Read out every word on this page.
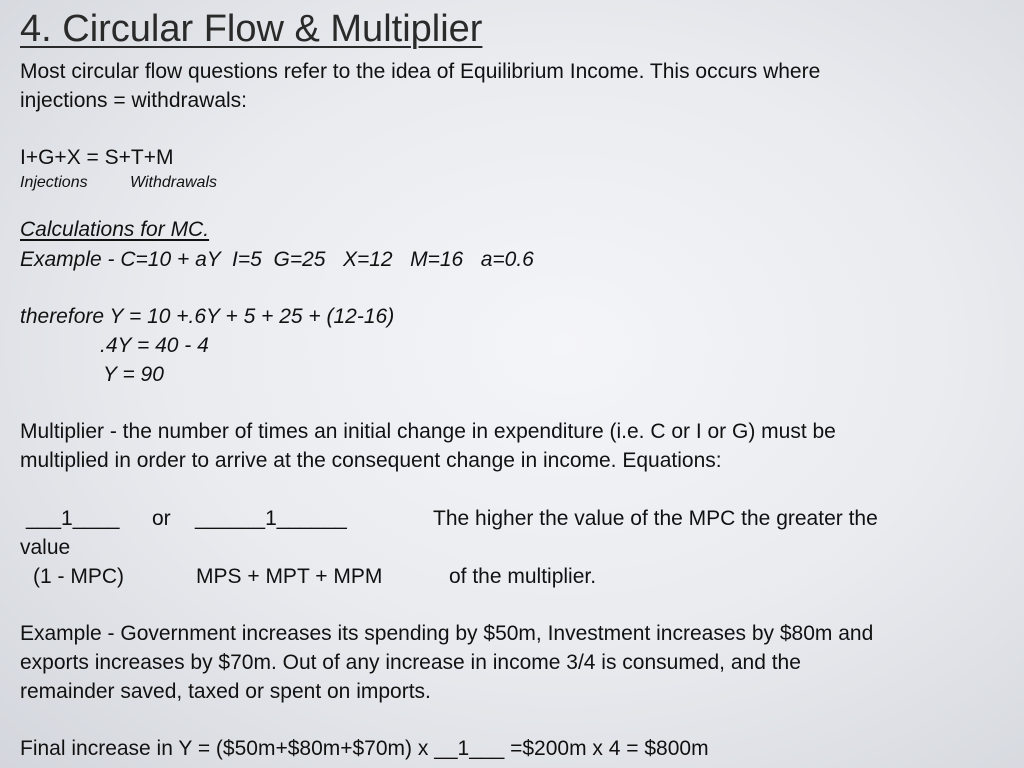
4. Circular Flow & Multiplier
Most circular flow questions refer to the idea of Equilibrium Income. This occurs where
injections = withdrawals:
I+G+X = S+T+M
Injections	Withdrawals
Calculations for MC.
Example - C=10 + aY  I=5  G=25   X=12   M=16   a=0.6
therefore Y = 10 +.6Y + 5 + 25 + (12-16)
.4Y = 40 - 4
Y = 90
Multiplier - the number of times an initial change in expenditure (i.e. C or I or G) must be
multiplied in order to arrive at the consequent change in income. Equations:
___1____ or ______1______	The higher the value of the MPC the greater the
value
(1 - MPC)	MPS + MPT + MPM	of the multiplier.
Example - Government increases its spending by $50m, Investment increases by $80m and
exports increases by $70m. Out of any increase in income 3/4 is consumed, and the
remainder saved, taxed or spent on imports.
Final increase in Y = ($50m+$80m+$70m) x __1___ =$200m x 4 = $800m
